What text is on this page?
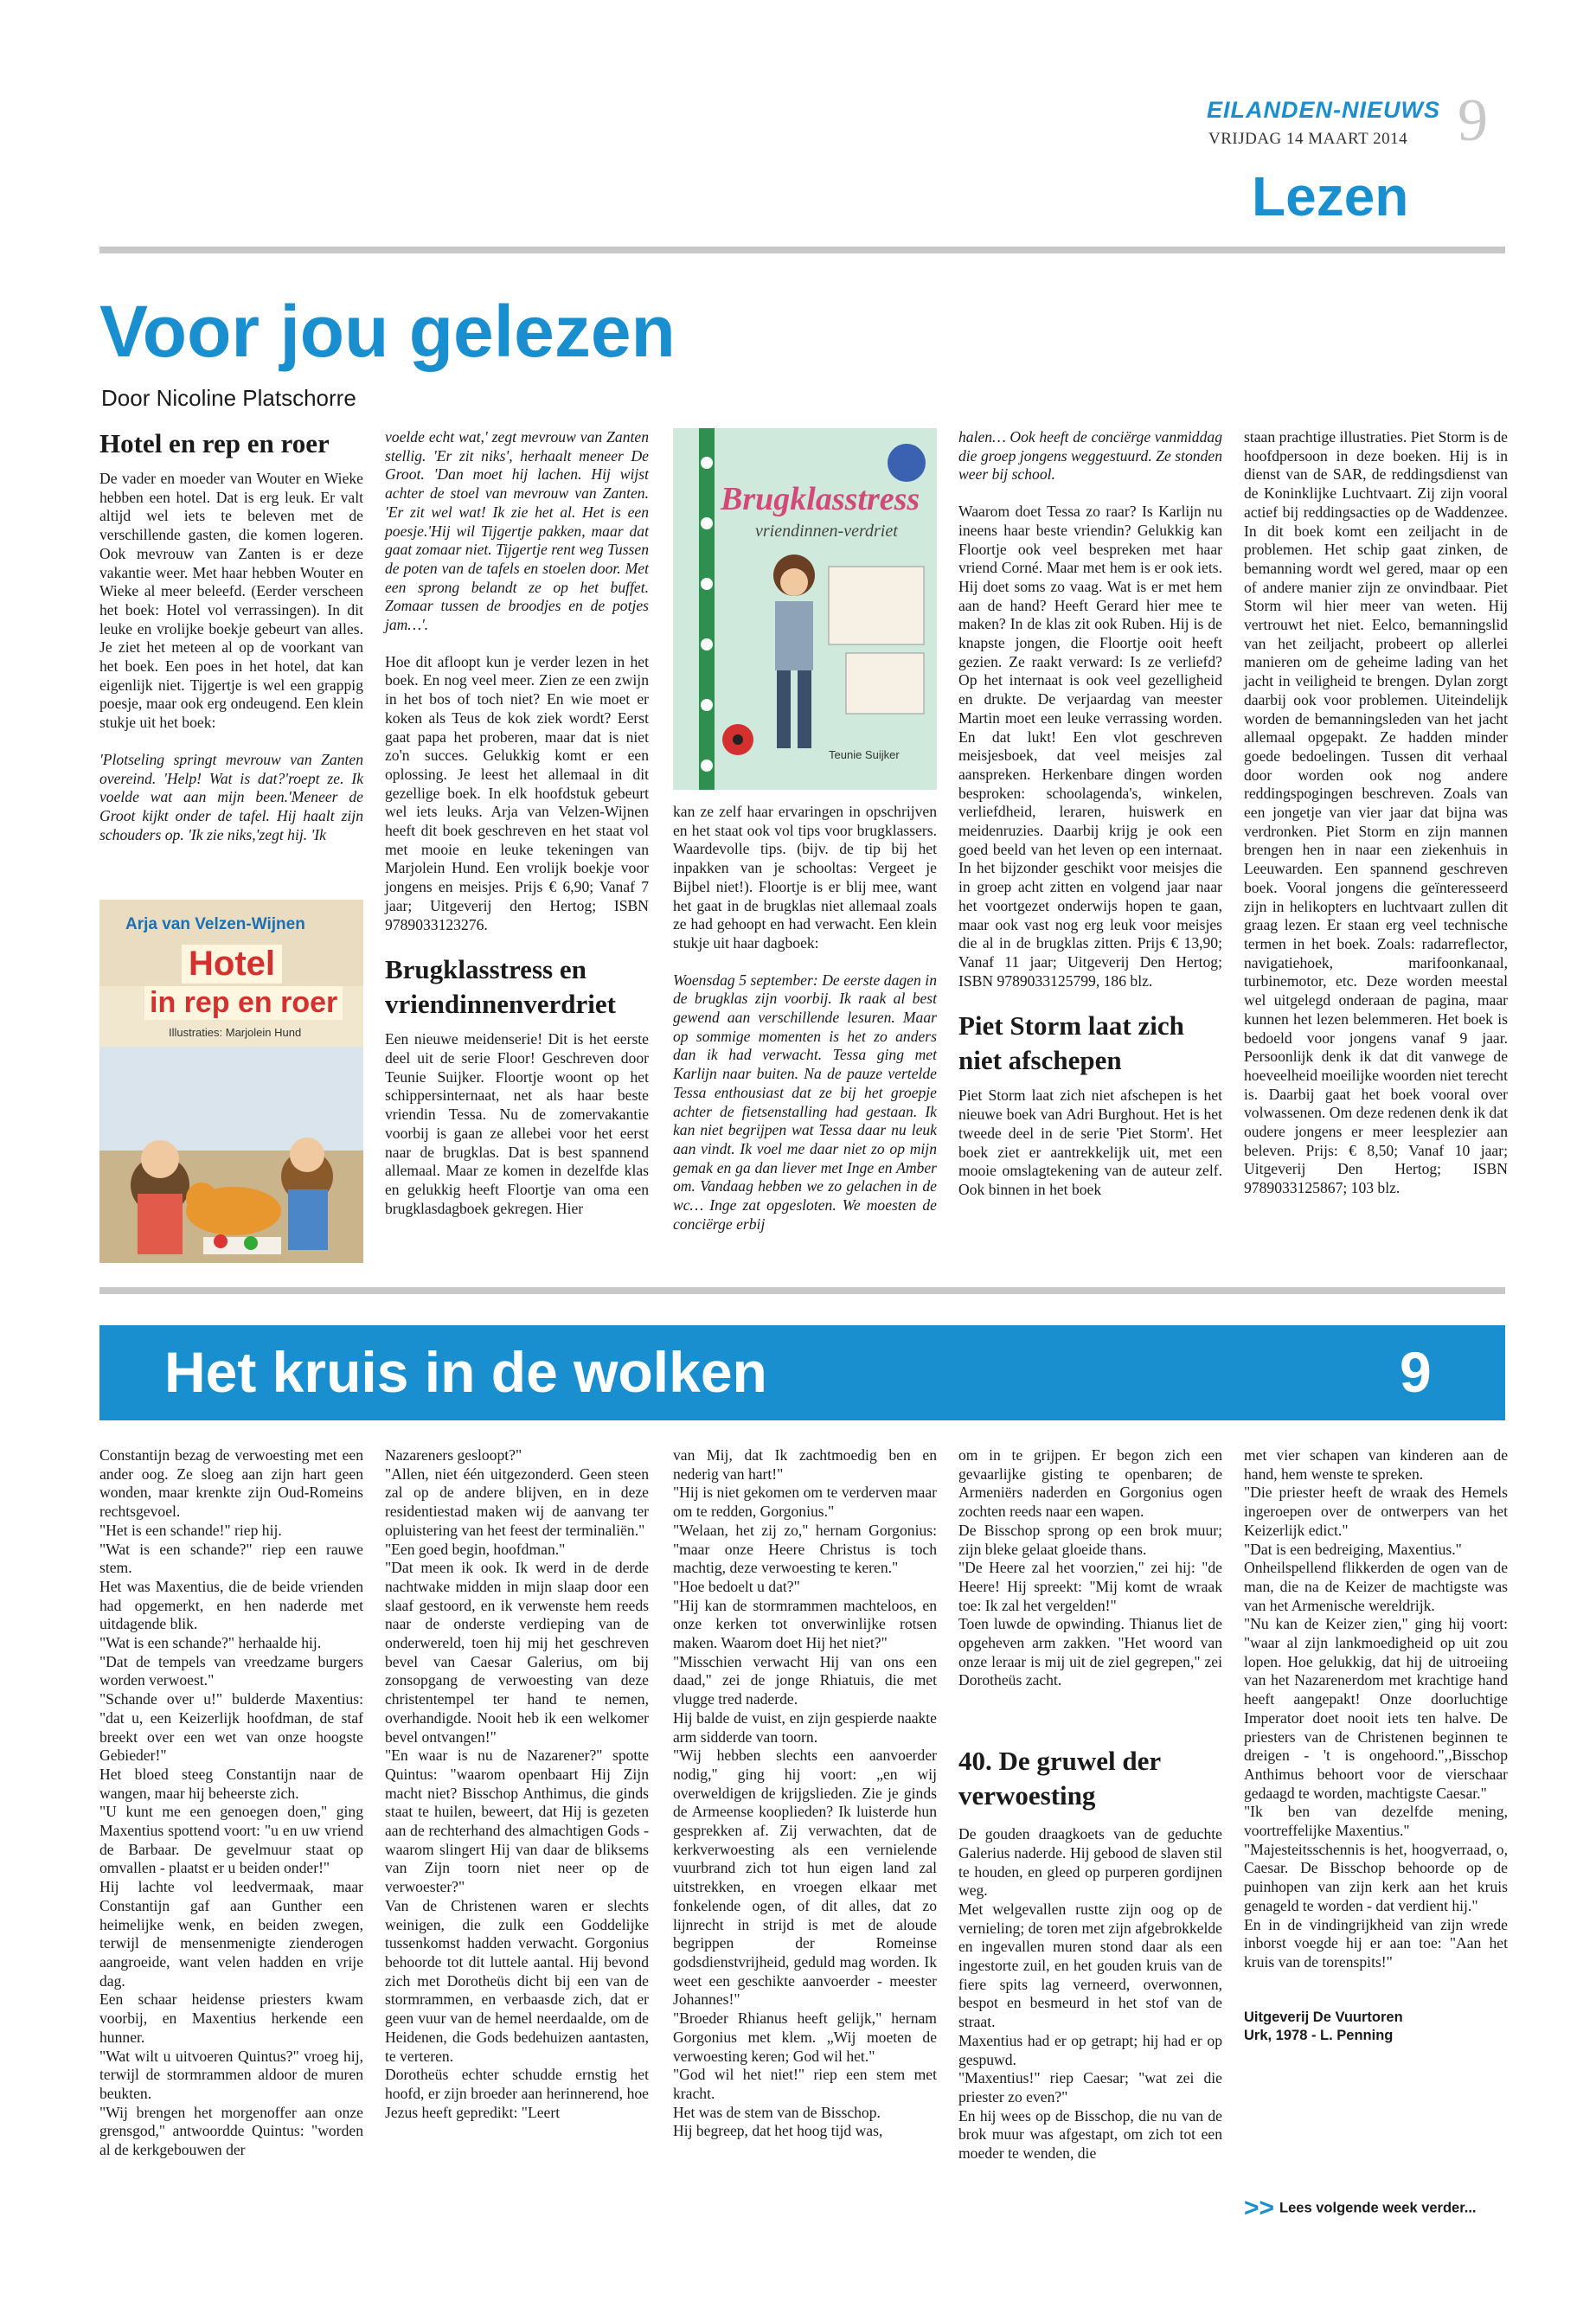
EILANDEN-NIEUWS
VRIJDAG 14 MAART 2014 9
Lezen
Voor jou gelezen
Door Nicoline Platschorre
Hotel en rep en roer

De vader en moeder van Wouter en Wieke hebben een hotel. Dat is erg leuk. Er valt altijd wel iets te beleven met de verschillende gasten, die komen logeren. Ook mevrouw van Zanten is er deze vakantie weer. Met haar hebben Wouter en Wieke al meer beleefd. (Eerder verscheen het boek: Hotel vol verrassingen). In dit leuke en vrolijke boekje gebeurt van alles. Je ziet het meteen al op de voorkant van het boek. Een poes in het hotel, dat kan eigenlijk niet. Tijgertje is wel een grappig poesje, maar ook erg ondeugend. Een klein stukje uit het boek:

'Plotseling springt mevrouw van Zanten overeind. 'Help! Wat is dat?'roept ze. Ik voelde wat aan mijn been.'Meneer de Groot kijkt onder de tafel. Hij haalt zijn schouders op. 'Ik zie niks,'zegt hij. 'Ik

Arja van Velzen-Wijnen
Hotel
in rep en roer
Illustraties: Marjolein Hund

voelde echt wat,' zegt mevrouw van Zanten stellig. 'Er zit niks', herhaalt meneer De Groot. 'Dan moet hij lachen. Hij wijst achter de stoel van mevrouw van Zanten. 'Er zit wel wat! Ik zie het al. Het is een poesje.'Hij wil Tijgertje pakken, maar dat gaat zomaar niet. Tijgertje rent weg Tussen de poten van de tafels en stoelen door. Met een sprong belandt ze op het buffet. Zomaar tussen de broodjes en de potjes jam…'.

Hoe dit afloopt kun je verder lezen in het boek. En nog veel meer. Zien ze een zwijn in het bos of toch niet? En wie moet er koken als Teus de kok ziek wordt? Eerst gaat papa het proberen, maar dat is niet zo'n succes. Gelukkig komt er een oplossing. Je leest het allemaal in dit gezellige boek. In elk hoofdstuk gebeurt wel iets leuks. Arja van Velzen-Wijnen heeft dit boek geschreven en het staat vol met mooie en leuke tekeningen van Marjolein Hund. Een vrolijk boekje voor jongens en meisjes. Prijs € 6,90; Vanaf 7 jaar; Uitgeverij den Hertog; ISBN 9789033123276.

Brugklasstress en vriendinnenverdriet

Een nieuwe meidenserie! Dit is het eerste deel uit de serie Floor! Geschreven door Teunie Suijker. Floortje woont op het schippersinternaat, net als haar beste vriendin Tessa. Nu de zomervakantie voorbij is gaan ze allebei voor het eerst naar de brugklas. Dat is best spannend allemaal. Maar ze komen in dezelfde klas en gelukkig heeft Floortje van oma een brugklasdagboek gekregen. Hier

Brugklasstress
vriendinnen-verdriet
Teunie Suijker

kan ze zelf haar ervaringen in opschrijven en het staat ook vol tips voor brugklassers. Waardevolle tips. (bijv. de tip bij het inpakken van je schooltas: Vergeet je Bijbel niet!). Floortje is er blij mee, want het gaat in de brugklas niet allemaal zoals ze had gehoopt en had verwacht. Een klein stukje uit haar dagboek:

Woensdag 5 september: De eerste dagen in de brugklas zijn voorbij. Ik raak al best gewend aan verschillende lesuren. Maar op sommige momenten is het zo anders dan ik had verwacht. Tessa ging met Karlijn naar buiten. Na de pauze vertelde Tessa enthousiast dat ze bij het groepje achter de fietsenstalling had gestaan. Ik kan niet begrijpen wat Tessa daar nu leuk aan vindt. Ik voel me daar niet zo op mijn gemak en ga dan liever met Inge en Amber om. Vandaag hebben we zo gelachen in de wc… Inge zat opgesloten. We moesten de conciërge erbij

halen… Ook heeft de conciërge vanmiddag die groep jongens weggestuurd. Ze stonden weer bij school.

Waarom doet Tessa zo raar? Is Karlijn nu ineens haar beste vriendin? Gelukkig kan Floortje ook veel bespreken met haar vriend Corné. Maar met hem is er ook iets. Hij doet soms zo vaag. Wat is er met hem aan de hand? Heeft Gerard hier mee te maken? In de klas zit ook Ruben. Hij is de knapste jongen, die Floortje ooit heeft gezien. Ze raakt verward: Is ze verliefd? Op het internaat is ook veel gezelligheid en drukte. De verjaardag van meester Martin moet een leuke verrassing worden. En dat lukt! Een vlot geschreven meisjesboek, dat veel meisjes zal aanspreken. Herkenbare dingen worden besproken: schoolagenda's, winkelen, verliefdheid, leraren, huiswerk en meidenruzies. Daarbij krijg je ook een goed beeld van het leven op een internaat. In het bijzonder geschikt voor meisjes die in groep acht zitten en volgend jaar naar het voortgezet onderwijs hopen te gaan, maar ook vast nog erg leuk voor meisjes die al in de brugklas zitten. Prijs € 13,90; Vanaf 11 jaar; Uitgeverij Den Hertog; ISBN 9789033125799, 186 blz.

Piet Storm laat zich niet afschepen

Piet Storm laat zich niet afschepen is het nieuwe boek van Adri Burghout. Het is het tweede deel in de serie 'Piet Storm'. Het boek ziet er aantrekkelijk uit, met een mooie omslagtekening van de auteur zelf. Ook binnen in het boek

staan prachtige illustraties. Piet Storm is de hoofdpersoon in deze boeken. Hij is in dienst van de SAR, de reddingsdienst van de Koninklijke Luchtvaart. Zij zijn vooral actief bij reddingsacties op de Waddenzee. In dit boek komt een zeiljacht in de problemen. Het schip gaat zinken, de bemanning wordt wel gered, maar op een of andere manier zijn ze onvindbaar. Piet Storm wil hier meer van weten. Hij vertrouwt het niet. Eelco, bemanningslid van het zeiljacht, probeert op allerlei manieren om de geheime lading van het jacht in veiligheid te brengen. Dylan zorgt daarbij ook voor problemen. Uiteindelijk worden de bemanningsleden van het jacht allemaal opgepakt. Ze hadden minder goede bedoelingen. Tussen dit verhaal door worden ook nog andere reddingspogingen beschreven. Zoals van een jongetje van vier jaar dat bijna was verdronken. Piet Storm en zijn mannen brengen hen in naar een ziekenhuis in Leeuwarden. Een spannend geschreven boek. Vooral jongens die geïnteresseerd zijn in helikopters en luchtvaart zullen dit graag lezen. Er staan erg veel technische termen in het boek. Zoals: radarreflector, navigatiehoek, marifoonkanaal, turbinemotor, etc. Deze worden meestal wel uitgelegd onderaan de pagina, maar kunnen het lezen belemmeren. Het boek is bedoeld voor jongens vanaf 9 jaar. Persoonlijk denk ik dat dit vanwege de hoeveelheid moeilijke woorden niet terecht is. Daarbij gaat het boek vooral over volwassenen. Om deze redenen denk ik dat oudere jongens er meer leesplezier aan beleven. Prijs: € 8,50; Vanaf 10 jaar; Uitgeverij Den Hertog; ISBN 9789033125867; 103 blz.

Het kruis in de wolken	9

Constantijn bezag de verwoesting met een ander oog. Ze sloeg aan zijn hart geen wonden, maar krenkte zijn Oud-Romeins rechtsgevoel.

"Het is een schande!" riep hij.

"Wat is een schande?" riep een rauwe stem.

Het was Maxentius, die de beide vrienden had opgemerkt, en hen naderde met uitdagende blik.

"Wat is een schande?" herhaalde hij.

"Dat de tempels van vreedzame burgers worden verwoest."

"Schande over u!" bulderde Maxentius: "dat u, een Keizerlijk hoofdman, de staf breekt over een wet van onze hoogste Gebieder!"

Het bloed steeg Constantijn naar de wangen, maar hij beheerste zich.

"U kunt me een genoegen doen," ging Maxentius spottend voort: "u en uw vriend de Barbaar. De gevelmuur staat op omvallen - plaatst er u beiden onder!"

Hij lachte vol leedvermaak, maar Constantijn gaf aan Gunther een heimelijke wenk, en beiden zwegen, terwijl de mensenmenigte zienderogen aangroeide, want velen hadden en vrije dag.

Een schaar heidense priesters kwam voorbij, en Maxentius herkende een hunner.

"Wat wilt u uitvoeren Quintus?" vroeg hij, terwijl de stormrammen aldoor de muren beukten.

"Wij brengen het morgenoffer aan onze grensgod," antwoordde Quintus: "worden al de kerkgebouwen der

Nazareners gesloopt?"

"Allen, niet één uitgezonderd. Geen steen zal op de andere blijven, en in deze residentiestad maken wij de aanvang ter opluistering van het feest der terminaliën."

"Een goed begin, hoofdman."

"Dat meen ik ook. Ik werd in de derde nachtwake midden in mijn slaap door een slaaf gestoord, en ik verwenste hem reeds naar de onderste verdieping van de onderwereld, toen hij mij het geschreven bevel van Caesar Galerius, om bij zonsopgang de verwoesting van deze christentempel ter hand te nemen, overhandigde. Nooit heb ik een welkomer bevel ontvangen!"

"En waar is nu de Nazarener?" spotte Quintus: "waarom openbaart Hij Zijn macht niet? Bisschop Anthimus, die ginds staat te huilen, beweert, dat Hij is gezeten aan de rechterhand des almachtigen Gods - waarom slingert Hij van daar de bliksems van Zijn toorn niet neer op de verwoester?"

Van de Christenen waren er slechts weinigen, die zulk een Goddelijke tussenkomst hadden verwacht. Gorgonius behoorde tot dit luttele aantal. Hij bevond zich met Dorotheüs dicht bij een van de stormrammen, en verbaasde zich, dat er geen vuur van de hemel neerdaalde, om de Heidenen, die Gods bedehuizen aantasten, te verteren.

Dorotheüs echter schudde ernstig het hoofd, er zijn broeder aan herinnerend, hoe Jezus heeft gepredikt: "Leert

van Mij, dat Ik zachtmoedig ben en nederig van hart!"

"Hij is niet gekomen om te verderven maar om te redden, Gorgonius."

"Welaan, het zij zo," hernam Gorgonius: "maar onze Heere Christus is toch machtig, deze verwoesting te keren."

"Hoe bedoelt u dat?"

"Hij kan de stormrammen machteloos, en onze kerken tot onverwinlijke rotsen maken. Waarom doet Hij het niet?"

"Misschien verwacht Hij van ons een daad," zei de jonge Rhiatuis, die met vlugge tred naderde.

Hij balde de vuist, en zijn gespierde naakte arm sidderde van toorn.

"Wij hebben slechts een aanvoerder nodig," ging hij voort: „en wij overweldigen de krijgslieden. Zie je ginds de Armeense kooplieden? Ik luisterde hun gesprekken af. Zij verwachten, dat de kerkverwoesting als een vernielende vuurbrand zich tot hun eigen land zal uitstrekken, en vroegen elkaar met fonkelende ogen, of dit alles, dat zo lijnrecht in strijd is met de aloude begrippen der Romeinse godsdienstvrijheid, geduld mag worden. Ik weet een geschikte aanvoerder - meester Johannes!"

"Broeder Rhianus heeft gelijk," hernam Gorgonius met klem. „Wij moeten de verwoesting keren; God wil het."

"God wil het niet!" riep een stem met kracht.

Het was de stem van de Bisschop.

Hij begreep, dat het hoog tijd was,

om in te grijpen. Er begon zich een gevaarlijke gisting te openbaren; de Armeniërs naderden en Gorgonius ogen zochten reeds naar een wapen.

De Bisschop sprong op een brok muur; zijn bleke gelaat gloeide thans.

"De Heere zal het voorzien," zei hij: "de Heere! Hij spreekt: "Mij komt de wraak toe: Ik zal het vergelden!"

Toen luwde de opwinding. Thianus liet de opgeheven arm zakken. "Het woord van onze leraar is mij uit de ziel gegrepen," zei Dorotheüs zacht.

40. De gruwel der verwoesting

De gouden draagkoets van de geduchte Galerius naderde. Hij gebood de slaven stil te houden, en gleed op purperen gordijnen weg.

Met welgevallen rustte zijn oog op de vernieling; de toren met zijn afgebrokkelde en ingevallen muren stond daar als een ingestorte zuil, en het gouden kruis van de fiere spits lag verneerd, overwonnen, bespot en besmeurd in het stof van de straat.

Maxentius had er op getrapt; hij had er op gespuwd.

"Maxentius!" riep Caesar; "wat zei die priester zo even?"

En hij wees op de Bisschop, die nu van de brok muur was afgestapt, om zich tot een moeder te wenden, die

met vier schapen van kinderen aan de hand, hem wenste te spreken.

"Die priester heeft de wraak des Hemels ingeroepen over de ontwerpers van het Keizerlijk edict."

"Dat is een bedreiging, Maxentius."

Onheilspellend flikkerden de ogen van de man, die na de Keizer de machtigste was van het Armenische wereldrijk.

"Nu kan de Keizer zien," ging hij voort: "waar al zijn lankmoedigheid op uit zou lopen. Hoe gelukkig, dat hij de uitroeiing van het Nazarenerdom met krachtige hand heeft aangepakt! Onze doorluchtige Imperator doet nooit iets ten halve. De priesters van de Christenen beginnen te dreigen - 't is ongehoord.",,Bisschop Anthimus behoort voor de vierschaar gedaagd te worden, machtigste Caesar."

"Ik ben van dezelfde mening, voortreffelijke Maxentius."

"Majesteitsschennis is het, hoogverraad, o, Caesar. De Bisschop behoorde op de puinhopen van zijn kerk aan het kruis genageld te worden - dat verdient hij."

En in de vindingrijkheid van zijn wrede inborst voegde hij er aan toe: "Aan het kruis van de torenspits!"

Uitgeverij De Vuurtoren
Urk, 1978 - L. Penning
>> Lees volgende week verder...
